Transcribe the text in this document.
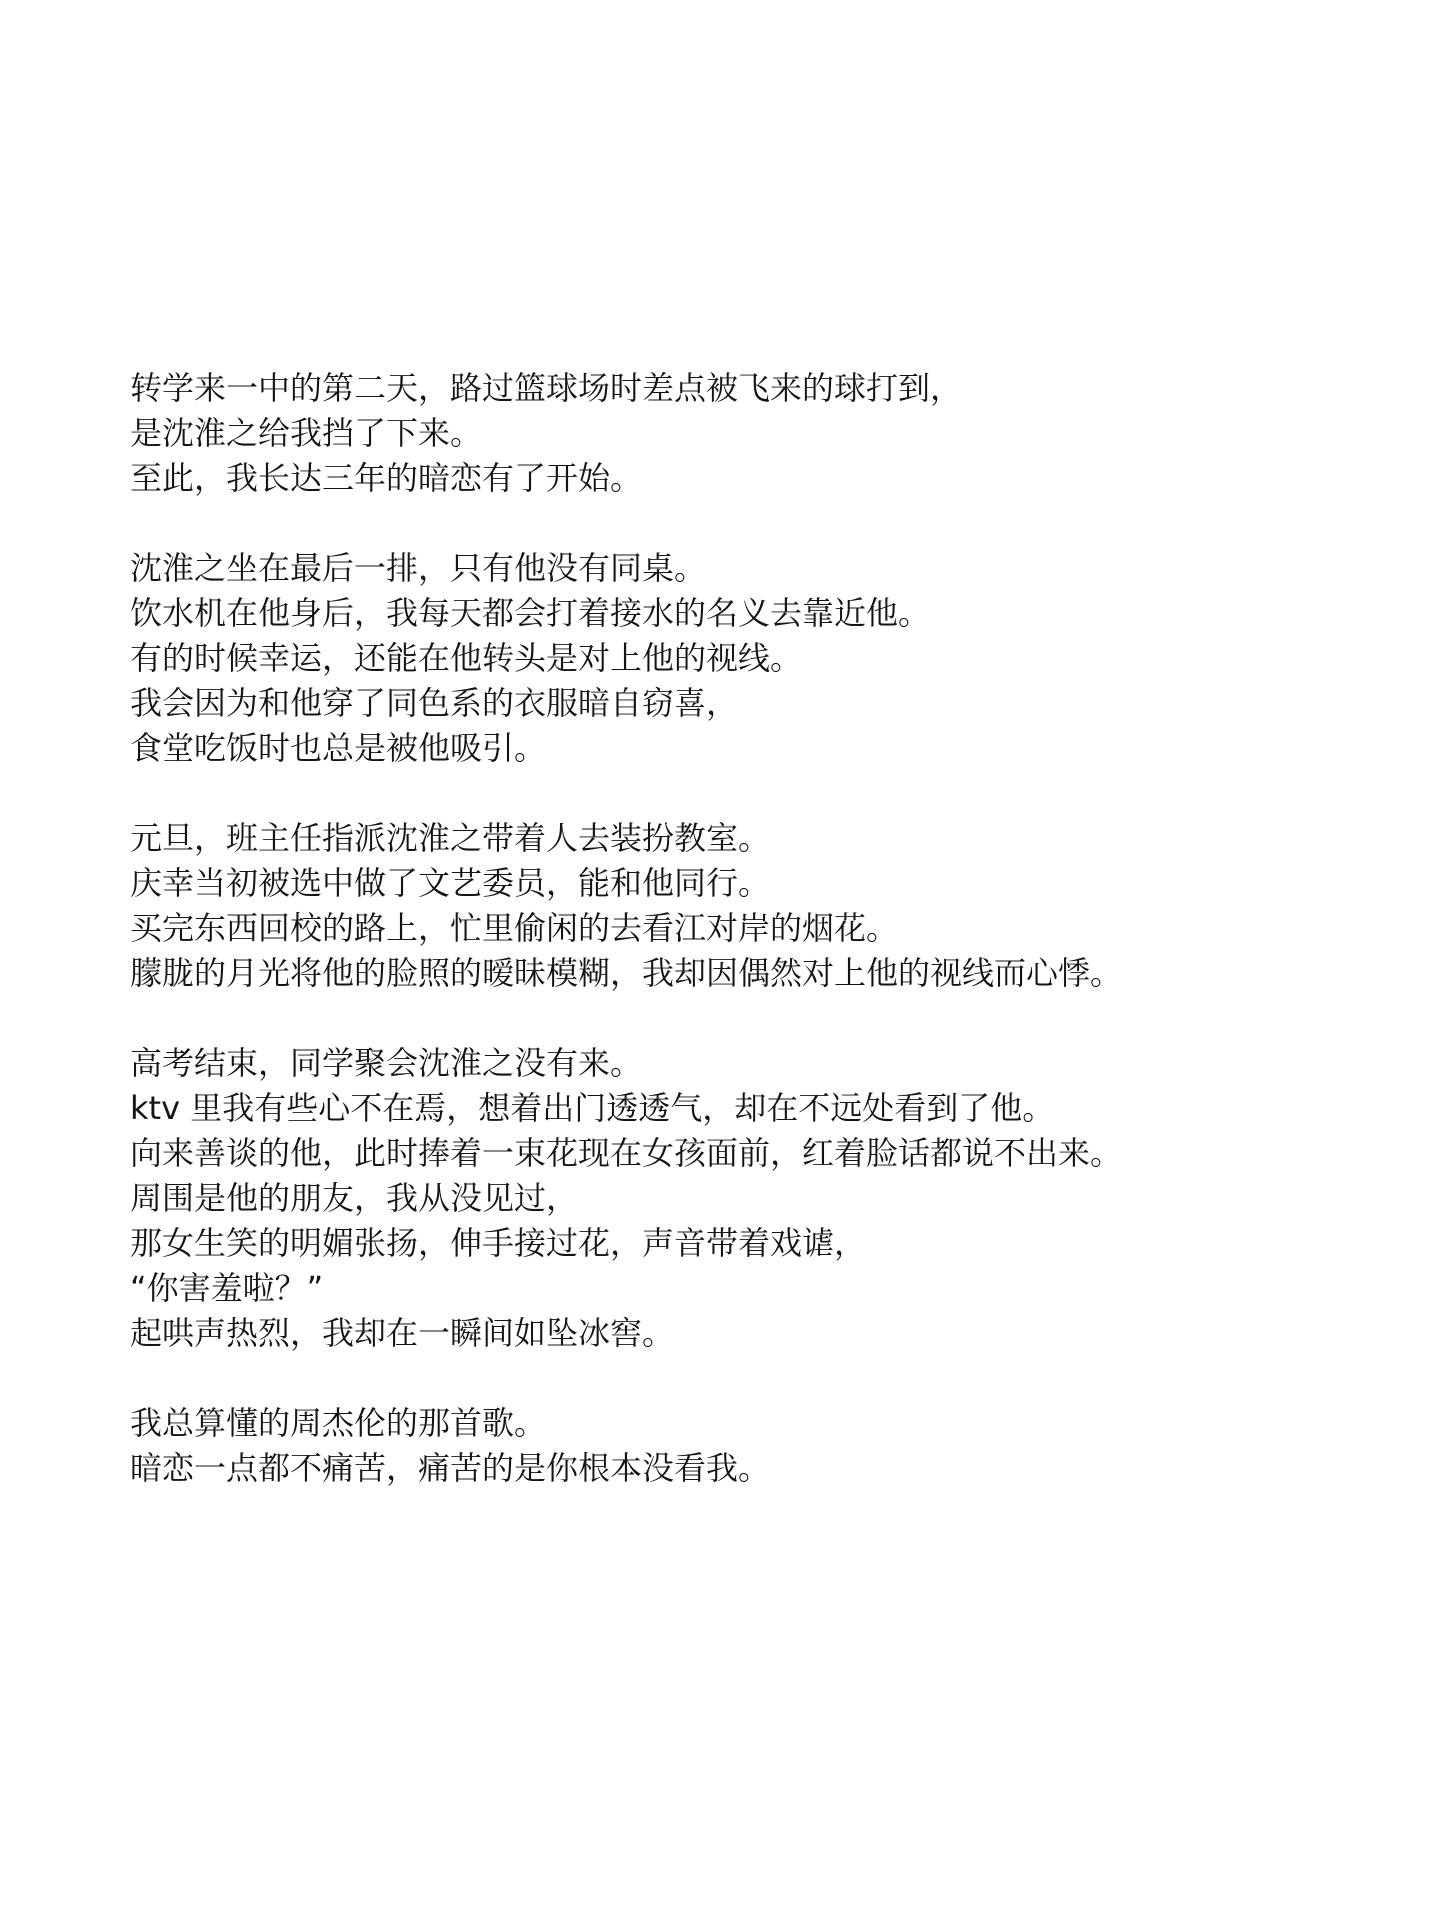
转学来一中的第二天，路过篮球场时差点被飞来的球打到，
是沈淮之给我挡了下来。
至此，我长达三年的暗恋有了开始。
沈淮之坐在最后一排，只有他没有同桌。
饮水机在他身后，我每天都会打着接水的名义去靠近他。
有的时候幸运，还能在他转头是对上他的视线。
我会因为和他穿了同色系的衣服暗自窃喜，
食堂吃饭时也总是被他吸引。
元旦，班主任指派沈淮之带着人去装扮教室。
庆幸当初被选中做了文艺委员，能和他同行。
买完东西回校的路上，忙里偷闲的去看江对岸的烟花。
朦胧的月光将他的脸照的暧昧模糊，我却因偶然对上他的视线而心悸。
高考结束，同学聚会沈淮之没有来。
ktv 里我有些心不在焉，想着出门透透气，却在不远处看到了他。
向来善谈的他，此时捧着一束花现在女孩面前，红着脸话都说不出来。
周围是他的朋友，我从没见过，
那女生笑的明媚张扬，伸手接过花，声音带着戏谑，
“你害羞啦？”
起哄声热烈，我却在一瞬间如坠冰窖。
我总算懂的周杰伦的那首歌。
暗恋一点都不痛苦，痛苦的是你根本没看我。
